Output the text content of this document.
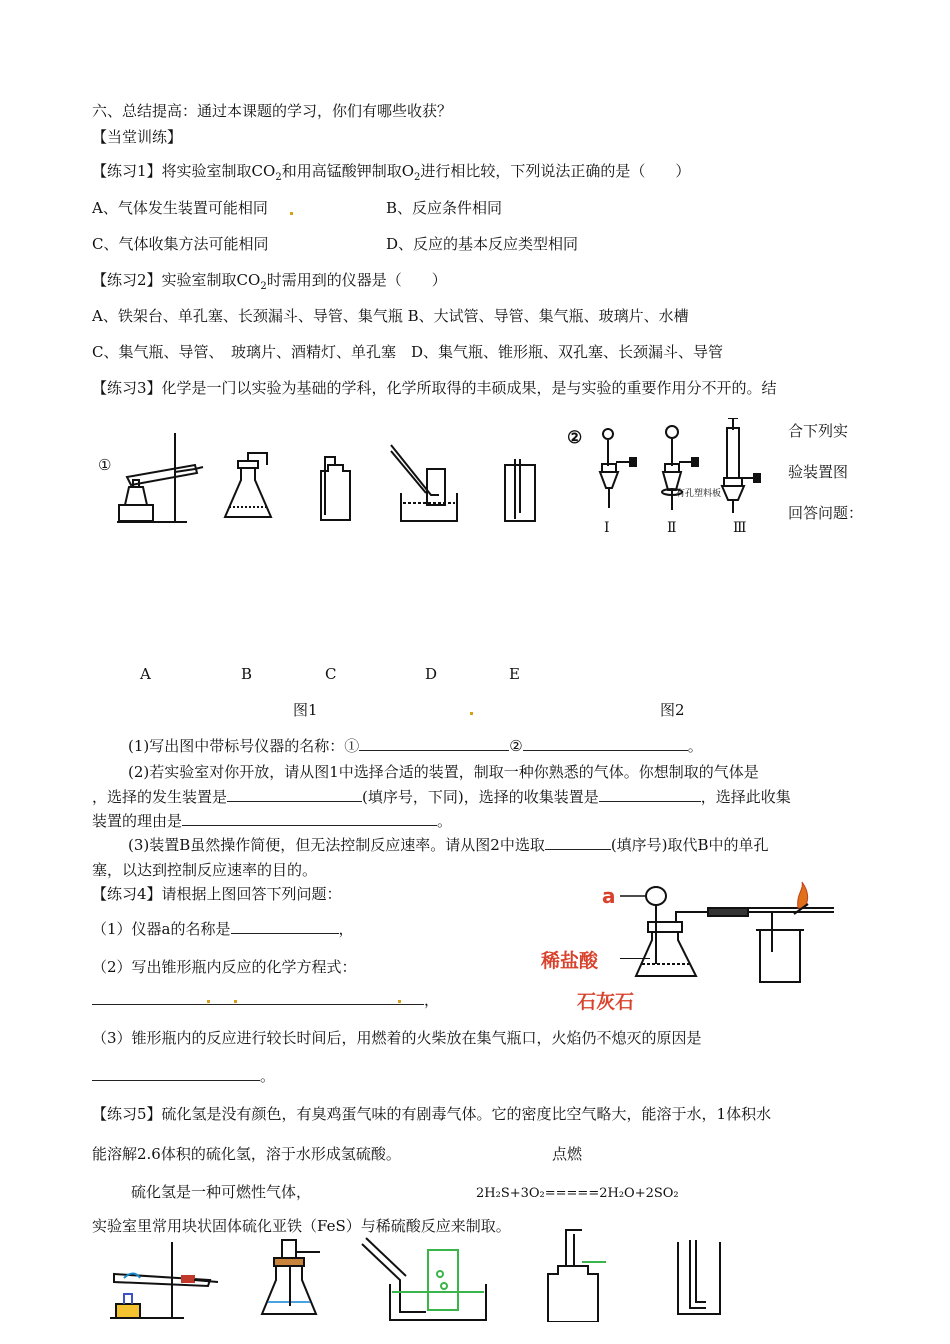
六、总结提高：通过本课题的学习，你们有哪些收获？
【当堂训练】
【练习1】将实验室制取$CO_2$和用高锰酸钾制取$O_2$进行相比较，下列说法正确的是（　　）
A、气体发生装置可能相同	B、反应条件相同
C、气体收集方法可能相同	D、反应的基本反应类型相同
【练习2】实验室制取$CO_2$时需用到的仪器是（　　）
A、铁架台、单孔塞、长颈漏斗、导管、集气瓶 B、大试管、导管、集气瓶、玻璃片、水槽
C、集气瓶、导管、　玻璃片、酒精灯、单孔塞　D、集气瓶、锥形瓶、双孔塞、长颈漏斗、导管
【练习3】化学是一门以实验为基础的学科，化学所取得的丰硕成果，是与实验的重要作用分不开的。结
合下列实
验装置图
回答问题：
①
②
有孔塑料板
Ⅰ	Ⅱ	Ⅲ
A	B	C	D	E
图1	图2
(1)写出图中带标号仪器的名称：①	②	。
(2)若实验室对你开放，请从图1中选择合适的装置，制取一种你熟悉的气体。你想制取的气体是
，选择的发生装置是	(填序号，下同)，选择的收集装置是	，选择此收集
装置的理由是	。
(3)装置B虽然操作简便，但无法控制反应速率。请从图2中选取	(填序号)取代B中的单孔
塞，以达到控制反应速率的目的。
【练习4】请根据上图回答下列问题：
（1）仪器a的名称是	，
（2）写出锥形瓶内反应的化学方程式：
，
（3）锥形瓶内的反应进行较长时间后，用燃着的火柴放在集气瓶口，火焰仍不熄灭的原因是
。
a
稀盐酸
石灰石
【练习5】硫化氢是没有颜色，有臭鸡蛋气味的有剧毒气体。它的密度比空气略大，能溶于水，1体积水
能溶解2.6体积的硫化氢，溶于水形成氢硫酸。	点燃
硫化氢是一种可燃性气体，	2H₂S+3O₂=====2H₂O+2SO₂
实验室里常用块状固体硫化亚铁（FeS）与稀硫酸反应来制取。
